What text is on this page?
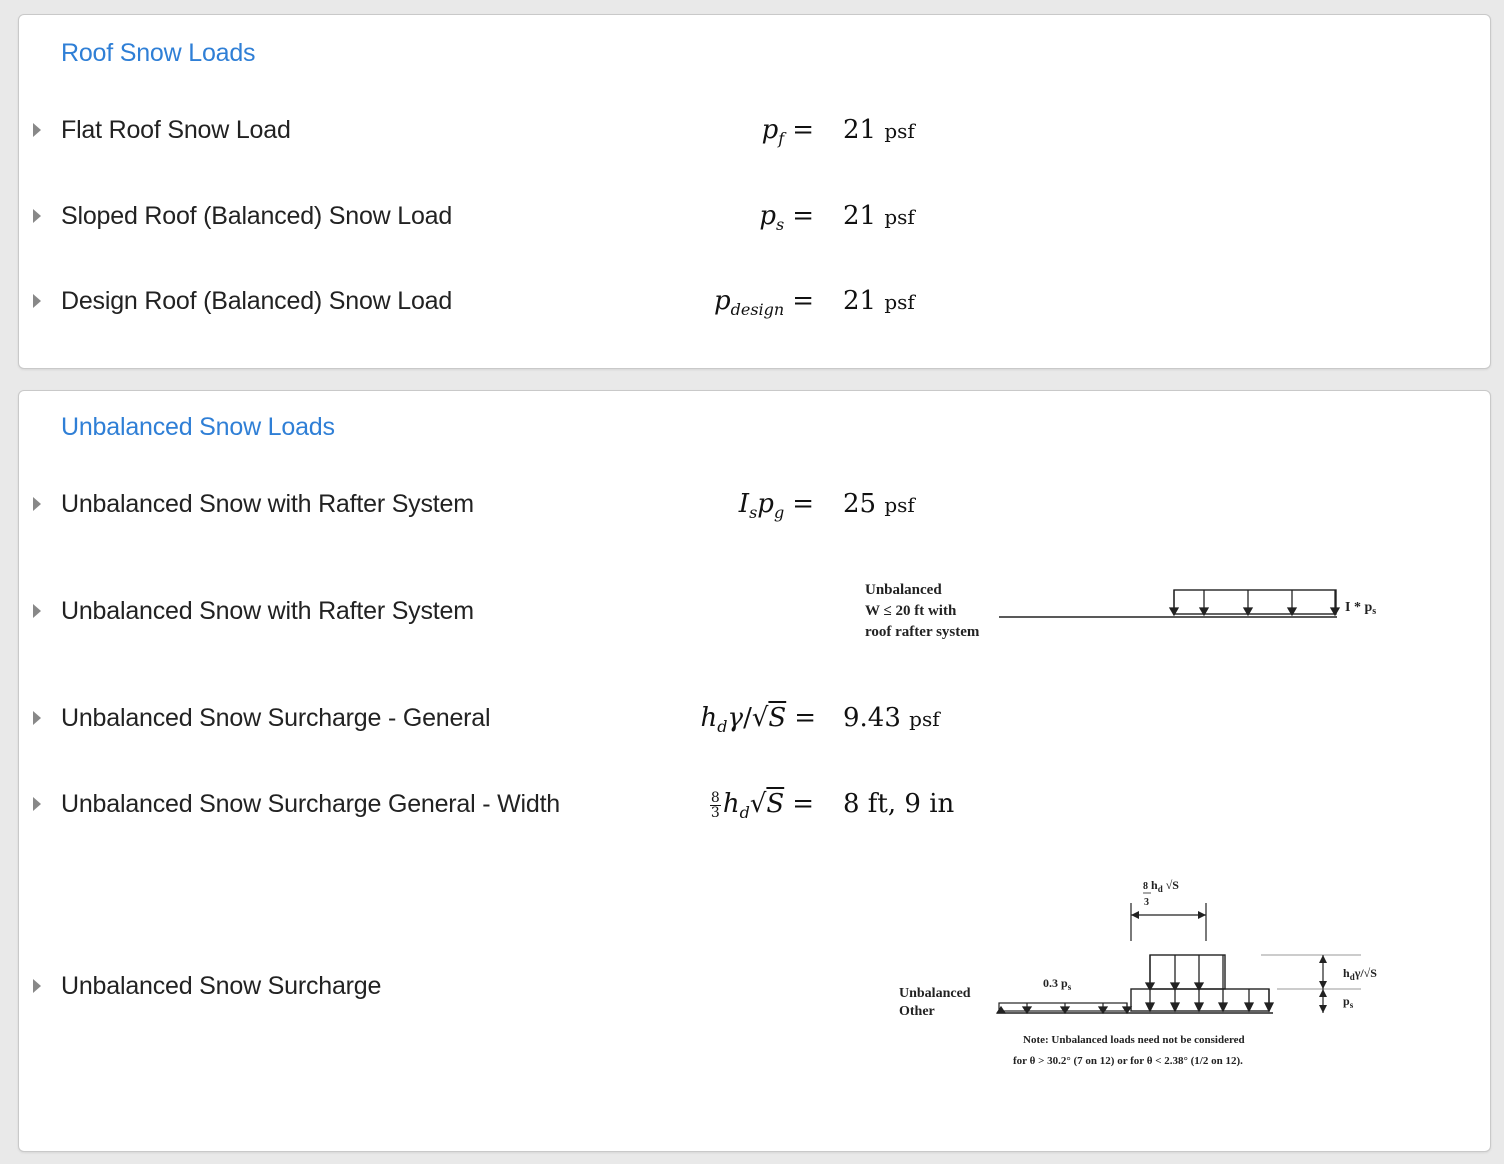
Roof Snow Loads
Flat Roof Snow Load	$p_f = 21$ psf
Sloped Roof (Balanced) Snow Load	$p_s = 21$ psf
Design Roof (Balanced) Snow Load	$p_{design} = 21$ psf
Unbalanced Snow Loads
Unbalanced Snow with Rafter System	$I_sp_g = 25$ psf
Unbalanced Snow with Rafter System
Unbalanced
W ≤ 20 ft with
roof rafter system
I * $p_s$
Unbalanced Snow Surcharge - General	$h_d\gamma/√S = 9.43$ psf
Unbalanced Snow Surcharge General - Width	$\frac{8}{3} h_d√S = 8$ ft, 9 in
Unbalanced Snow Surcharge
8 $h_d$ √S
3
Unbalanced
Other
0.3 $p_s$
$h_d\gamma/√S$
$p_s$
Note: Unbalanced loads need not be considered
for θ > 30.2° (7 on 12) or for θ < 2.38° (1/2 on 12).
